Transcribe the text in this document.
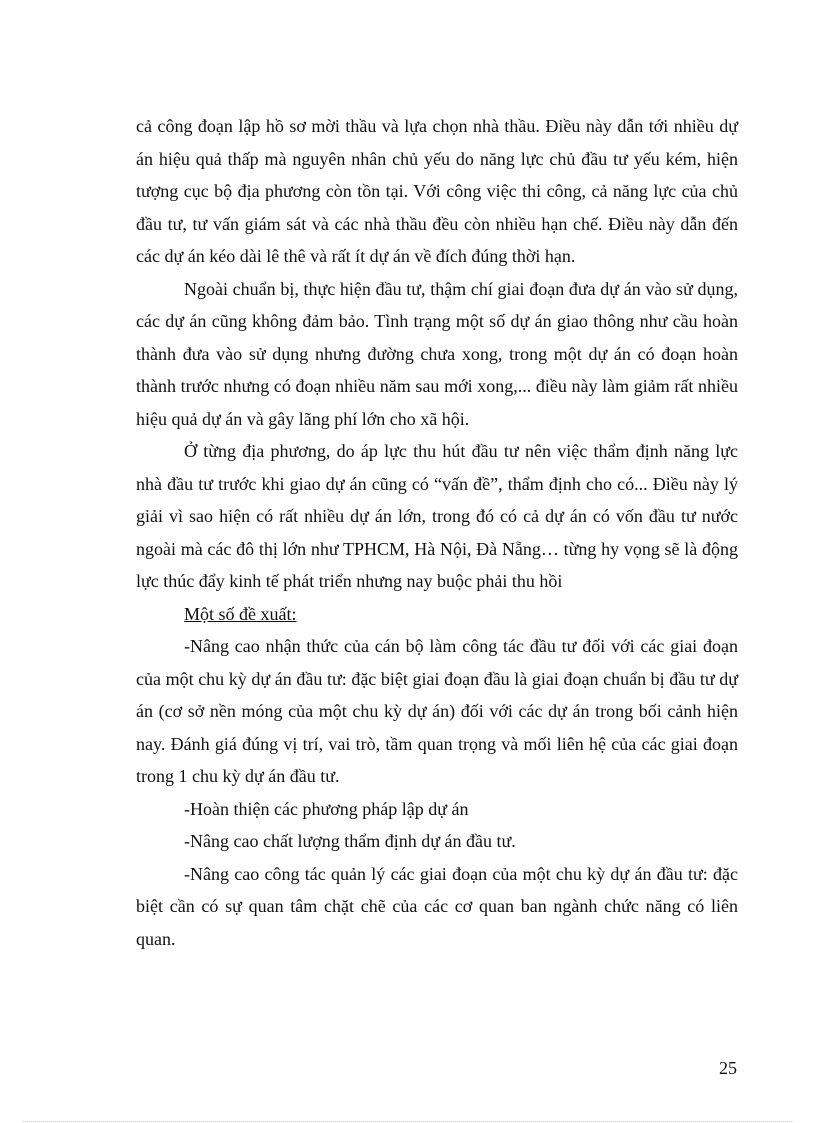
cả công đoạn lập hồ sơ mời thầu và lựa chọn nhà thầu. Điều này dẫn tới nhiều dự án hiệu quả thấp mà nguyên nhân chủ yếu do năng lực chủ đầu tư yếu kém, hiện tượng cục bộ địa phương còn tồn tại. Với công việc thi công, cả năng lực của chủ đầu tư, tư vấn giám sát và các nhà thầu đều còn nhiều hạn chế. Điều này dẫn đến các dự án kéo dài lê thê và rất ít dự án về đích đúng thời hạn.

Ngoài chuẩn bị, thực hiện đầu tư, thậm chí giai đoạn đưa dự án vào sử dụng, các dự án cũng không đảm bảo. Tình trạng một số dự án giao thông như cầu hoàn thành đưa vào sử dụng nhưng đường chưa xong, trong một dự án có đoạn hoàn thành trước nhưng có đoạn nhiều năm sau mới xong,... điều này làm giảm rất nhiều hiệu quả dự án và gây lãng phí lớn cho xã hội.

Ở từng địa phương, do áp lực thu hút đầu tư nên việc thẩm định năng lực nhà đầu tư trước khi giao dự án cũng có “vấn đề”, thẩm định cho có... Điều này lý giải vì sao hiện có rất nhiều dự án lớn, trong đó có cả dự án có vốn đầu tư nước ngoài mà các đô thị lớn như TPHCM, Hà Nội, Đà Nẵng… từng hy vọng sẽ là động lực thúc đẩy kinh tế phát triển nhưng nay buộc phải thu hồi

Một số đề xuất:

-Nâng cao nhận thức của cán bộ làm công tác đầu tư đối với các giai đoạn của một chu kỳ dự án đầu tư: đặc biệt giai đoạn đầu là giai đoạn chuẩn bị đầu tư dự án (cơ sở nền móng của một chu kỳ dự án) đối với các dự án trong bối cảnh hiện nay. Đánh giá đúng vị trí, vai trò, tầm quan trọng và mối liên hệ của các giai đoạn trong 1 chu kỳ dự án đầu tư.

-Hoàn thiện các phương pháp lập dự án

-Nâng cao chất lượng thẩm định dự án đầu tư.

-Nâng cao công tác quản lý các giai đoạn của một chu kỳ dự án đầu tư: đặc biệt cần có sự quan tâm chặt chẽ của các cơ quan ban ngành chức năng có liên quan.

25
